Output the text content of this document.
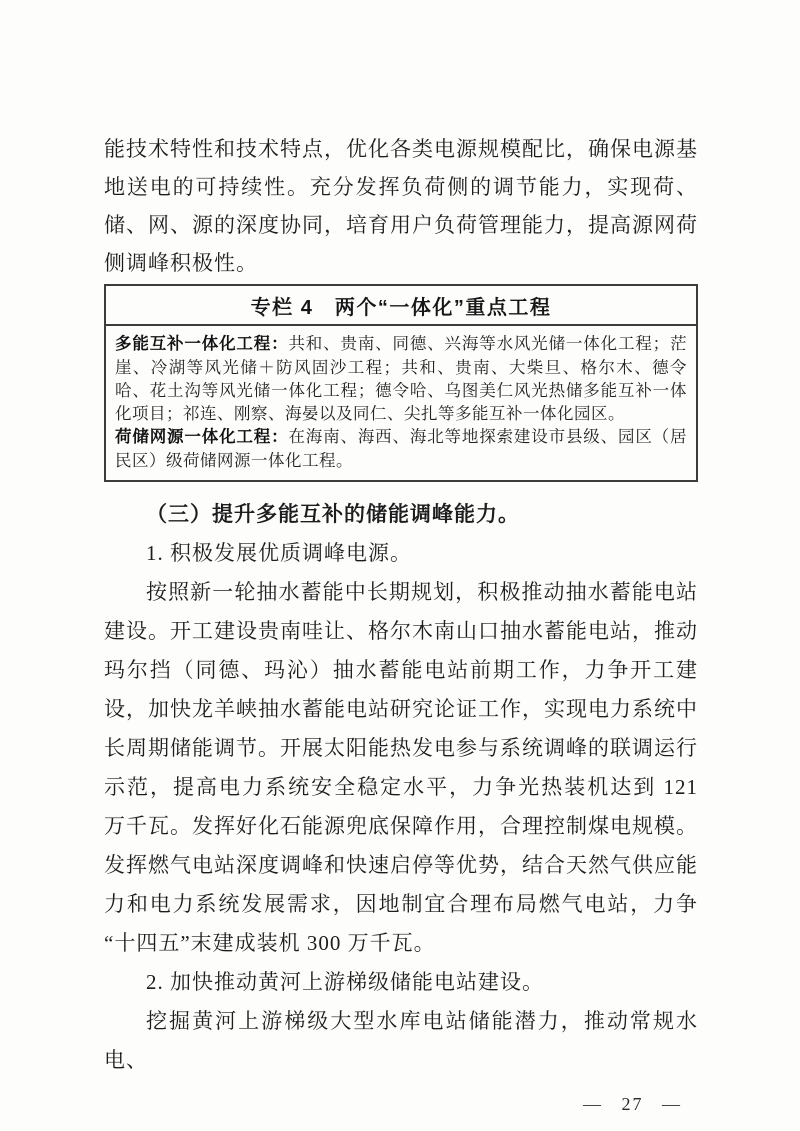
能技术特性和技术特点，优化各类电源规模配比，确保电源基地送电的可持续性。充分发挥负荷侧的调节能力，实现荷、储、网、源的深度协同，培育用户负荷管理能力，提高源网荷侧调峰积极性。

专栏 4　两个“一体化”重点工程

多能互补一体化工程：共和、贵南、同德、兴海等水风光储一体化工程；茫崖、冷湖等风光储＋防风固沙工程；共和、贵南、大柴旦、格尔木、德令哈、花土沟等风光储一体化工程；德令哈、乌图美仁风光热储多能互补一体化项目；祁连、刚察、海晏以及同仁、尖扎等多能互补一体化园区。

荷储网源一体化工程：在海南、海西、海北等地探索建设市县级、园区（居民区）级荷储网源一体化工程。

（三）提升多能互补的储能调峰能力。

1. 积极发展优质调峰电源。

按照新一轮抽水蓄能中长期规划，积极推动抽水蓄能电站建设。开工建设贵南哇让、格尔木南山口抽水蓄能电站，推动玛尔挡（同德、玛沁）抽水蓄能电站前期工作，力争开工建设，加快龙羊峡抽水蓄能电站研究论证工作，实现电力系统中长周期储能调节。开展太阳能热发电参与系统调峰的联调运行示范，提高电力系统安全稳定水平，力争光热装机达到 121 万千瓦。发挥好化石能源兜底保障作用，合理控制煤电规模。发挥燃气电站深度调峰和快速启停等优势，结合天然气供应能力和电力系统发展需求，因地制宜合理布局燃气电站，力争“十四五”末建成装机 300 万千瓦。

2. 加快推动黄河上游梯级储能电站建设。

挖掘黄河上游梯级大型水库电站储能潜力，推动常规水电、

— 27 —
